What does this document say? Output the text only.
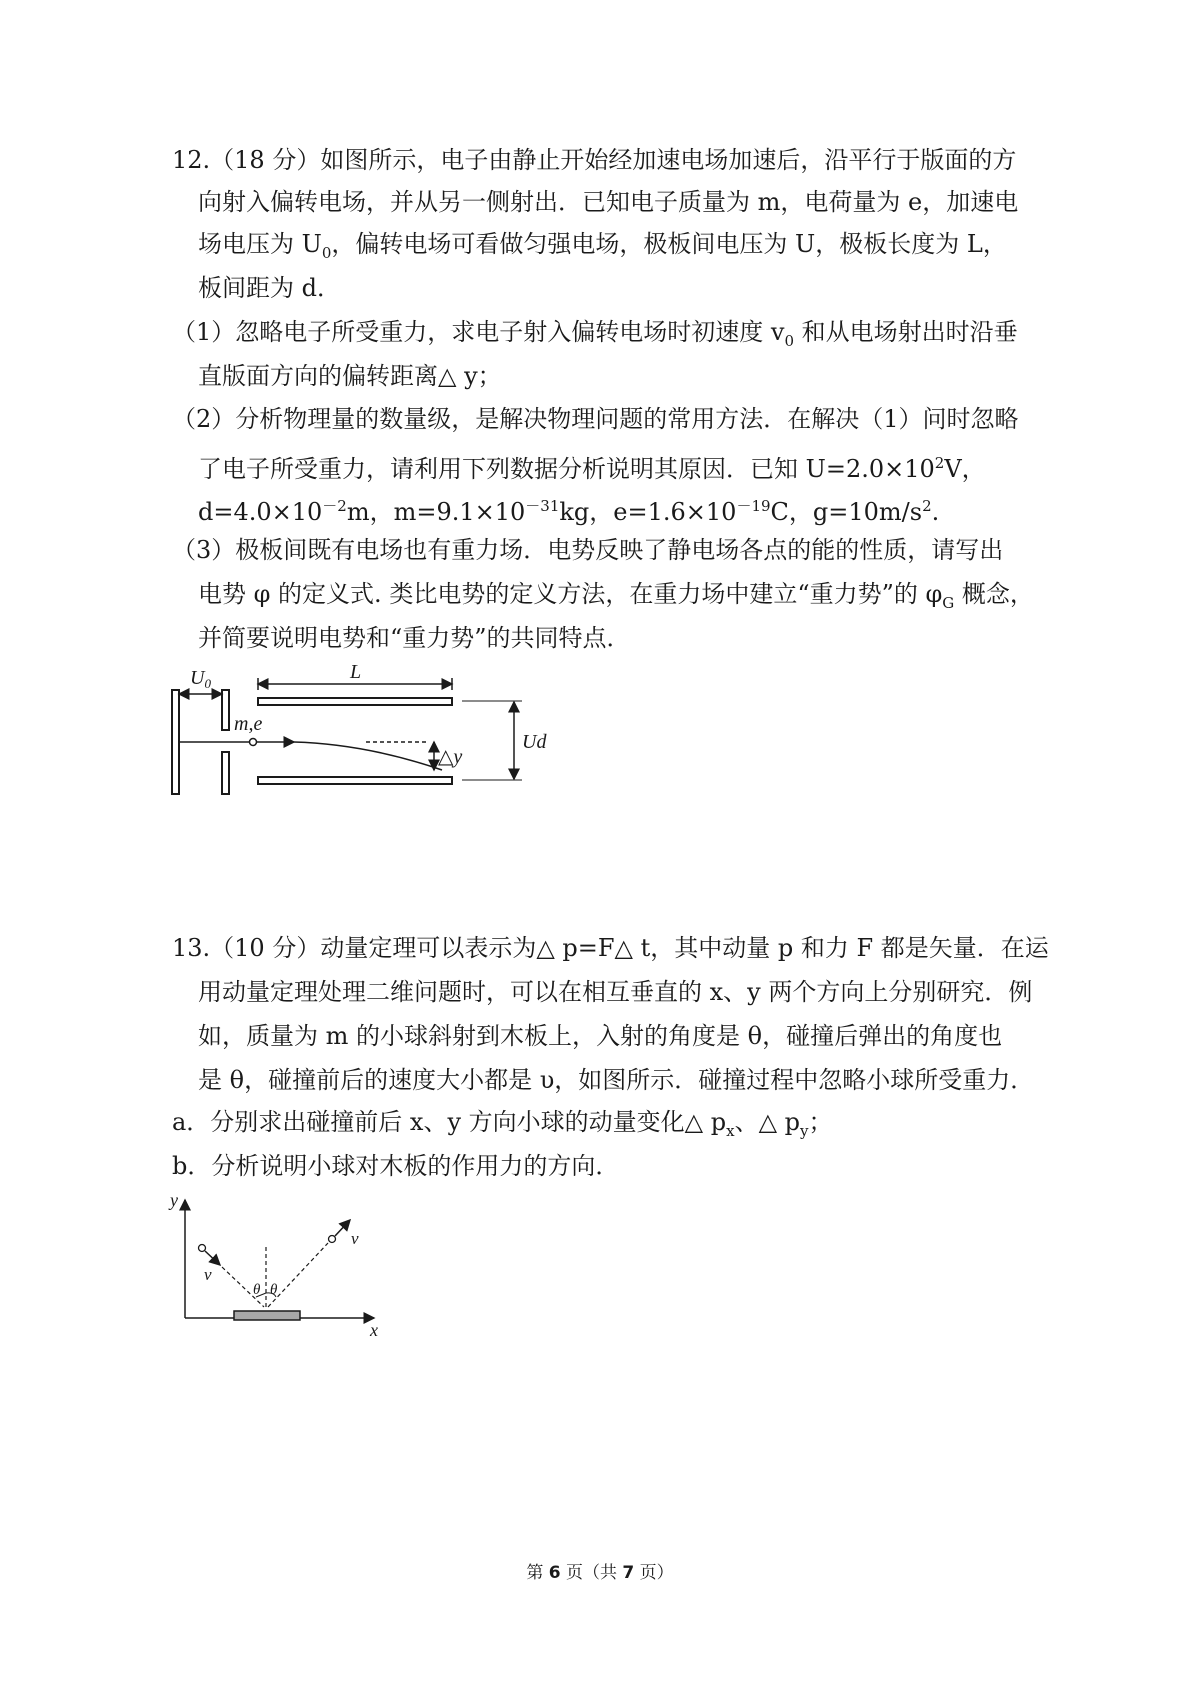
12.（18 分）如图所示，电子由静止开始经加速电场加速后，沿平行于版面的方
向射入偏转电场，并从另一侧射出．已知电子质量为 m，电荷量为 e，加速电
场电压为 $U_0$，偏转电场可看做匀强电场，极板间电压为 U，极板长度为 L，
板间距为 d．
（1）忽略电子所受重力，求电子射入偏转电场时初速度 $v_0$ 和从电场射出时沿垂
直版面方向的偏转距离△ y；
（2）分析物理量的数量级，是解决物理问题的常用方法．在解决（1）问时忽略
了电子所受重力，请利用下列数据分析说明其原因．已知 $U=2.0\times 10^2V$，
$d=4.0\times 10^{-2}m$，$m=9.1\times 10^{-31}kg$，$e=1.6\times 10^{-19}C$，$g=10m/s^2$.
（3）极板间既有电场也有重力场．电势反映了静电场各点的能的性质，请写出
电势 φ 的定义式. 类比电势的定义方法，在重力场中建立“重力势”的 $\varphi_G$ 概念，
并简要说明电势和“重力势”的共同特点．
$U_0$
m,e
L
△y
Ud
13.（10 分）动量定理可以表示为△ p=F△ t，其中动量 p 和力 F 都是矢量．在运
用动量定理处理二维问题时，可以在相互垂直的 x、y 两个方向上分别研究．例
如，质量为 m 的小球斜射到木板上，入射的角度是 θ，碰撞后弹出的角度也
是 θ，碰撞前后的速度大小都是 υ，如图所示．碰撞过程中忽略小球所受重力．
a．分别求出碰撞前后 x、y 方向小球的动量变化△ $p_x$、△ $p_y$；
b．分析说明小球对木板的作用力的方向．
y
x
v
v
θ θ
第 6 页（共 7 页）
